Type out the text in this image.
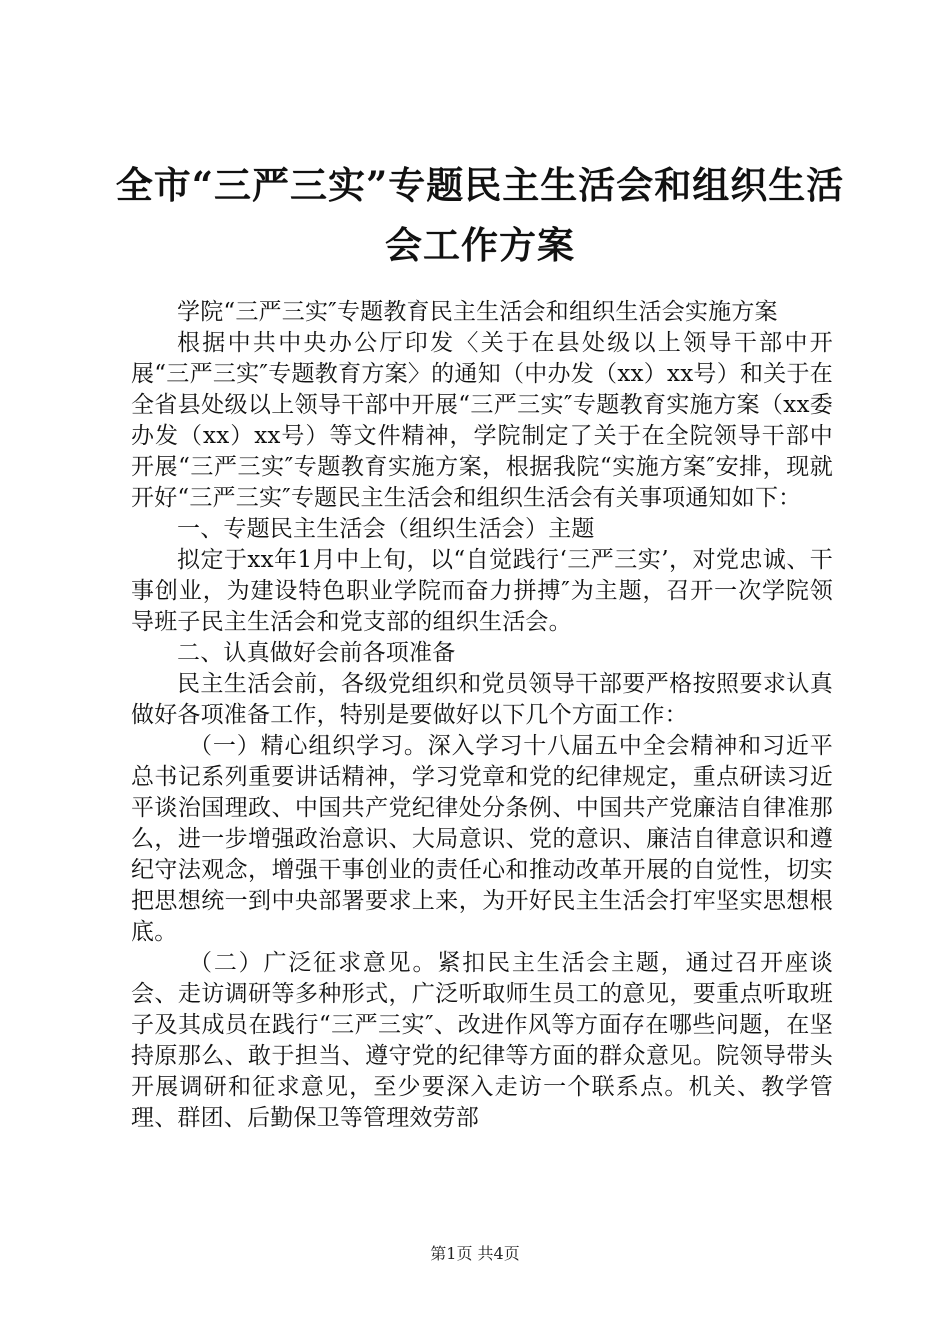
全市“三严三实”专题民主生活会和组织生活
会工作方案

学院“三严三实″专题教育民主生活会和组织生活会实施方案

根据中共中央办公厅印发〈关于在县处级以上领导干部中开展“三严三实″专题教育方案〉的通知（中办发（xx）xx号）和关于在全省县处级以上领导干部中开展“三严三实″专题教育实施方案（xx委办发（xx）xx号）等文件精神，学院制定了关于在全院领导干部中开展“三严三实″专题教育实施方案，根据我院“实施方案″安排，现就开好“三严三实″专题民主生活会和组织生活会有关事项通知如下：

一、专题民主生活会（组织生活会）主题

拟定于xx年1月中上旬，以“自觉践行‘三严三实’，对党忠诚、干事创业，为建设特色职业学院而奋力拼搏″为主题，召开一次学院领导班子民主生活会和党支部的组织生活会。

二、认真做好会前各项准备

民主生活会前，各级党组织和党员领导干部要严格按照要求认真做好各项准备工作，特别是要做好以下几个方面工作：

（一）精心组织学习。深入学习十八届五中全会精神和习近平总书记系列重要讲话精神，学习党章和党的纪律规定，重点研读习近平谈治国理政、中国共产党纪律处分条例、中国共产党廉洁自律准那么，进一步增强政治意识、大局意识、党的意识、廉洁自律意识和遵纪守法观念，增强干事创业的责任心和推动改革开展的自觉性，切实把思想统一到中央部署要求上来，为开好民主生活会打牢坚实思想根底。

（二）广泛征求意见。紧扣民主生活会主题，通过召开座谈会、走访调研等多种形式，广泛听取师生员工的意见，要重点听取班子及其成员在践行“三严三实″、改进作风等方面存在哪些问题，在坚持原那么、敢于担当、遵守党的纪律等方面的群众意见。院领导带头开展调研和征求意见，至少要深入走访一个联系点。机关、教学管理、群团、后勤保卫等管理效劳部

第1页 共4页
